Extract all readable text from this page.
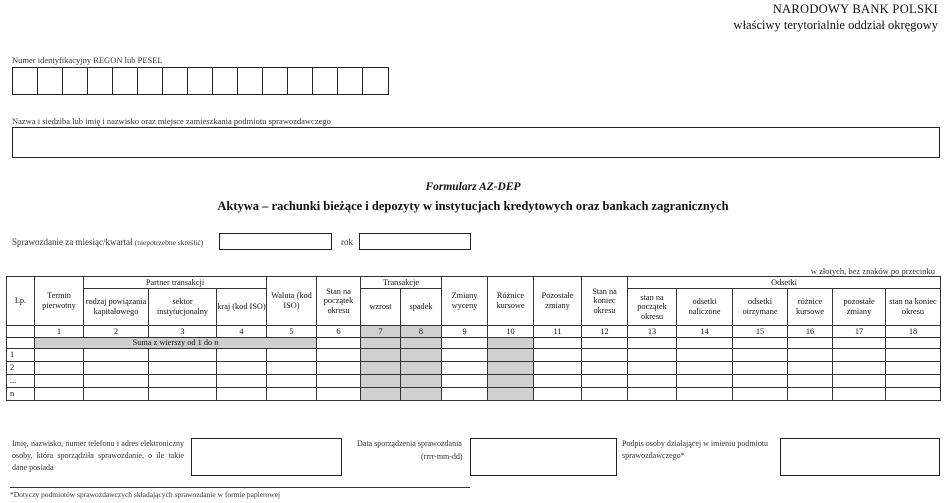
NARODOWY BANK POLSKI
właściwy terytorialnie oddział okręgowy
Numer identyfikacyjny REGON lub PESEL
Nazwa i siedziba lub imię i nazwisko oraz miejsce zamieszkania podmiotu sprawozdawczego
Formularz AZ-DEP
Aktywa – rachunki bieżące i depozyty w instytucjach kredytowych oraz bankach zagranicznych
Sprawozdanie za miesiąc/kwartał (niepotrzebne skreślić)	rok
w złotych, bez znaków po przecinku
Lp.	Termin pierwotny	Partner transakcji			Waluta (kod ISO)	Stan na początek okresu	Transakcje		Zmiany wyceny	Różnice kursowe	Pozostałe zmiany	Stan na koniec okresu	Odsetki					
		rodzaj powiązania kapitałowego	sektor instytucjonalny	kraj (kod ISO)			wzrost	spadek					stan na początek okresu	odsetki naliczone	odsetki otrzymane	różnice kursowe	pozostałe zmiany	stan na koniec okresu
	1	2	3	4	5	6	7	8	9	10	11	12	13	14	15	16	17	18
	Suma z wierszy od 1 do n																	
1																		
2																		
...																		
n																		
Imię, nazwisko, numer telefonu i adres elektroniczny osoby, która sporządziła sprawozdanie, o ile takie dane posiada
Data sporządzenia sprawozdania
(rrrr-mm-dd)
Podpis osoby działającej w imieniu podmiotu sprawozdawczego*
*Dotyczy podmiotów sprawozdawczych składających sprawozdanie w formie papierowej
